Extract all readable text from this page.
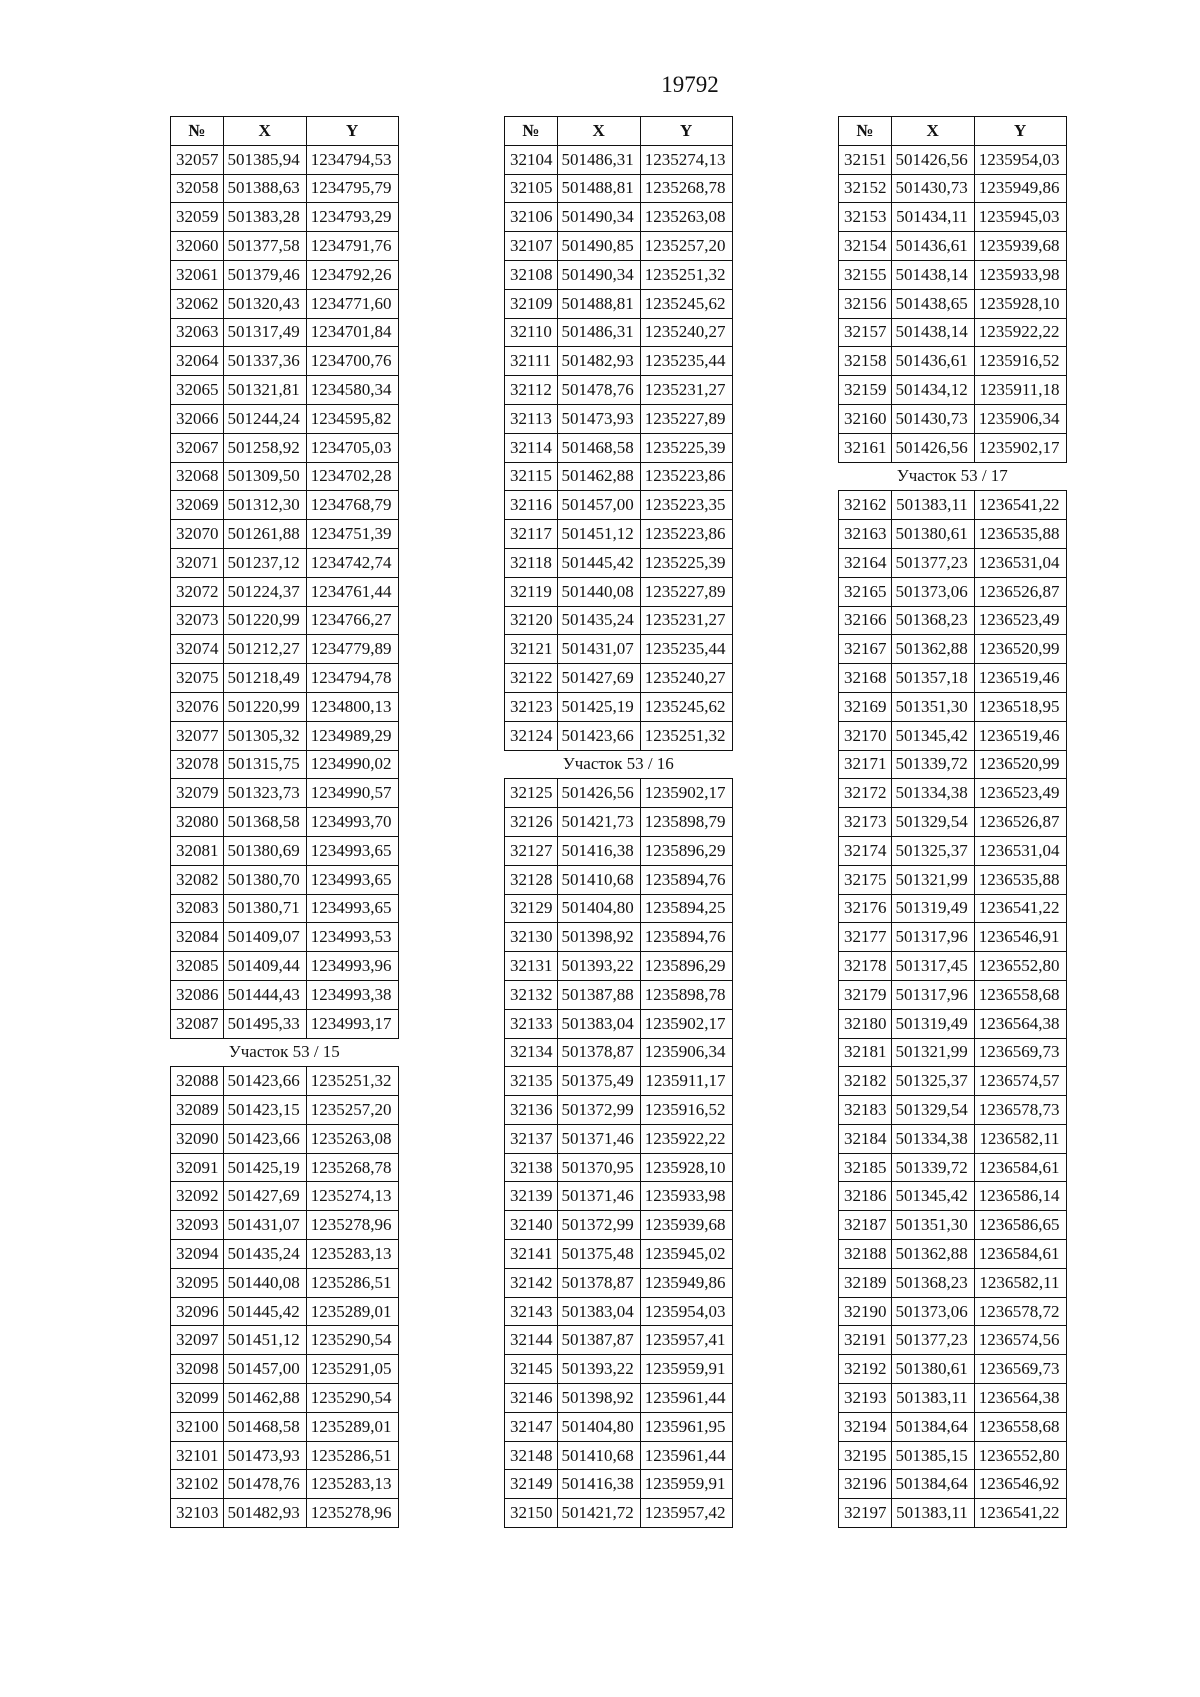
19792
№	X	Y
32057	501385,94	1234794,53
32058	501388,63	1234795,79
32059	501383,28	1234793,29
32060	501377,58	1234791,76
32061	501379,46	1234792,26
32062	501320,43	1234771,60
32063	501317,49	1234701,84
32064	501337,36	1234700,76
32065	501321,81	1234580,34
32066	501244,24	1234595,82
32067	501258,92	1234705,03
32068	501309,50	1234702,28
32069	501312,30	1234768,79
32070	501261,88	1234751,39
32071	501237,12	1234742,74
32072	501224,37	1234761,44
32073	501220,99	1234766,27
32074	501212,27	1234779,89
32075	501218,49	1234794,78
32076	501220,99	1234800,13
32077	501305,32	1234989,29
32078	501315,75	1234990,02
32079	501323,73	1234990,57
32080	501368,58	1234993,70
32081	501380,69	1234993,65
32082	501380,70	1234993,65
32083	501380,71	1234993,65
32084	501409,07	1234993,53
32085	501409,44	1234993,96
32086	501444,43	1234993,38
32087	501495,33	1234993,17
Участок 53 / 15		
32088	501423,66	1235251,32
32089	501423,15	1235257,20
32090	501423,66	1235263,08
32091	501425,19	1235268,78
32092	501427,69	1235274,13
32093	501431,07	1235278,96
32094	501435,24	1235283,13
32095	501440,08	1235286,51
32096	501445,42	1235289,01
32097	501451,12	1235290,54
32098	501457,00	1235291,05
32099	501462,88	1235290,54
32100	501468,58	1235289,01
32101	501473,93	1235286,51
32102	501478,76	1235283,13
32103	501482,93	1235278,96
№	X	Y
32104	501486,31	1235274,13
32105	501488,81	1235268,78
32106	501490,34	1235263,08
32107	501490,85	1235257,20
32108	501490,34	1235251,32
32109	501488,81	1235245,62
32110	501486,31	1235240,27
32111	501482,93	1235235,44
32112	501478,76	1235231,27
32113	501473,93	1235227,89
32114	501468,58	1235225,39
32115	501462,88	1235223,86
32116	501457,00	1235223,35
32117	501451,12	1235223,86
32118	501445,42	1235225,39
32119	501440,08	1235227,89
32120	501435,24	1235231,27
32121	501431,07	1235235,44
32122	501427,69	1235240,27
32123	501425,19	1235245,62
32124	501423,66	1235251,32
Участок 53 / 16		
32125	501426,56	1235902,17
32126	501421,73	1235898,79
32127	501416,38	1235896,29
32128	501410,68	1235894,76
32129	501404,80	1235894,25
32130	501398,92	1235894,76
32131	501393,22	1235896,29
32132	501387,88	1235898,78
32133	501383,04	1235902,17
32134	501378,87	1235906,34
32135	501375,49	1235911,17
32136	501372,99	1235916,52
32137	501371,46	1235922,22
32138	501370,95	1235928,10
32139	501371,46	1235933,98
32140	501372,99	1235939,68
32141	501375,48	1235945,02
32142	501378,87	1235949,86
32143	501383,04	1235954,03
32144	501387,87	1235957,41
32145	501393,22	1235959,91
32146	501398,92	1235961,44
32147	501404,80	1235961,95
32148	501410,68	1235961,44
32149	501416,38	1235959,91
32150	501421,72	1235957,42
№	X	Y
32151	501426,56	1235954,03
32152	501430,73	1235949,86
32153	501434,11	1235945,03
32154	501436,61	1235939,68
32155	501438,14	1235933,98
32156	501438,65	1235928,10
32157	501438,14	1235922,22
32158	501436,61	1235916,52
32159	501434,12	1235911,18
32160	501430,73	1235906,34
32161	501426,56	1235902,17
Участок 53 / 17		
32162	501383,11	1236541,22
32163	501380,61	1236535,88
32164	501377,23	1236531,04
32165	501373,06	1236526,87
32166	501368,23	1236523,49
32167	501362,88	1236520,99
32168	501357,18	1236519,46
32169	501351,30	1236518,95
32170	501345,42	1236519,46
32171	501339,72	1236520,99
32172	501334,38	1236523,49
32173	501329,54	1236526,87
32174	501325,37	1236531,04
32175	501321,99	1236535,88
32176	501319,49	1236541,22
32177	501317,96	1236546,91
32178	501317,45	1236552,80
32179	501317,96	1236558,68
32180	501319,49	1236564,38
32181	501321,99	1236569,73
32182	501325,37	1236574,57
32183	501329,54	1236578,73
32184	501334,38	1236582,11
32185	501339,72	1236584,61
32186	501345,42	1236586,14
32187	501351,30	1236586,65
32188	501362,88	1236584,61
32189	501368,23	1236582,11
32190	501373,06	1236578,72
32191	501377,23	1236574,56
32192	501380,61	1236569,73
32193	501383,11	1236564,38
32194	501384,64	1236558,68
32195	501385,15	1236552,80
32196	501384,64	1236546,92
32197	501383,11	1236541,22
